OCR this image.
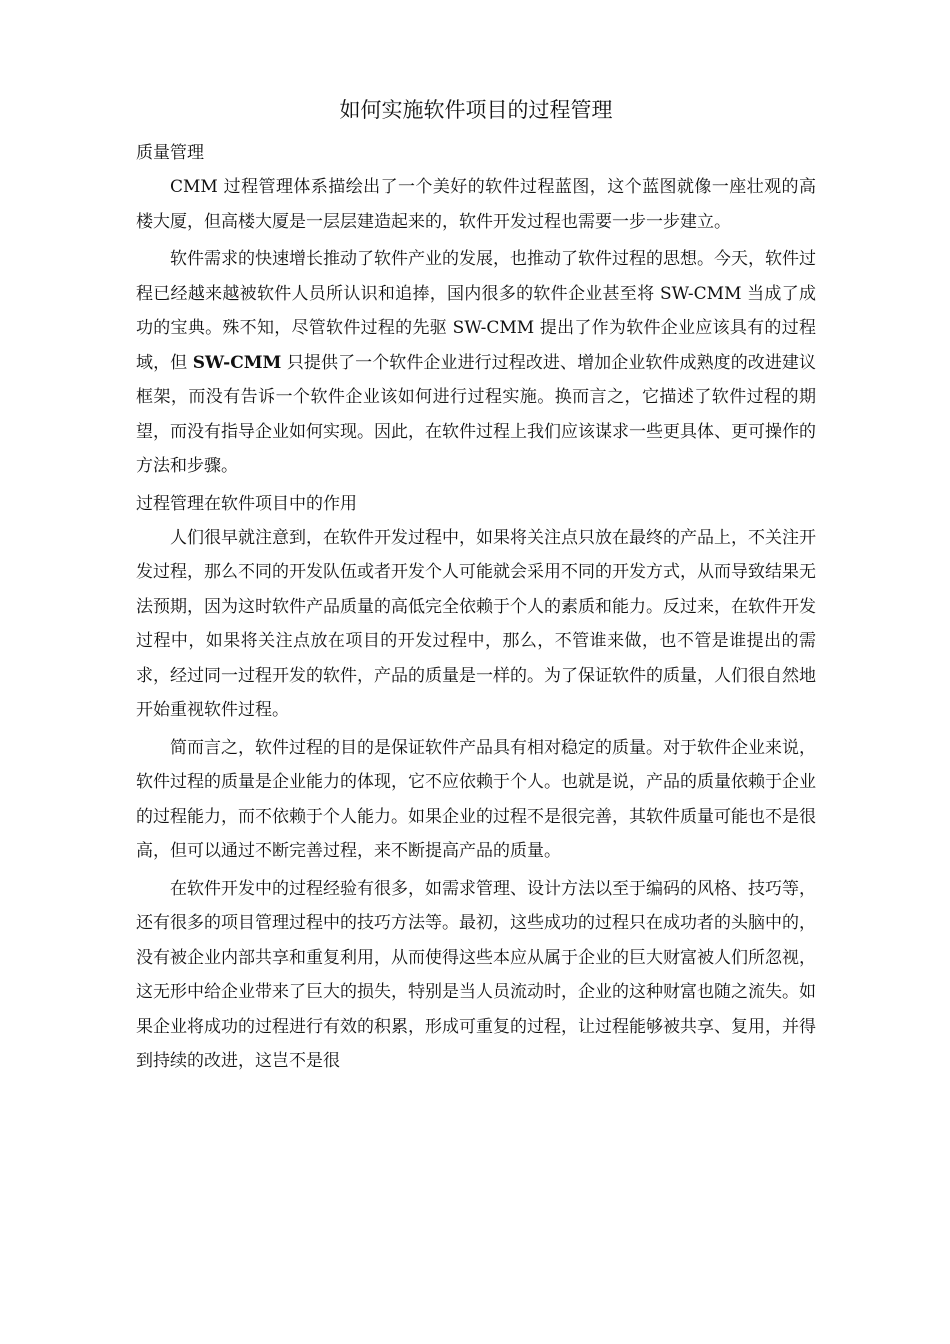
如何实施软件项目的过程管理
质量管理

CMM 过程管理体系描绘出了一个美好的软件过程蓝图，这个蓝图就像一座壮观的高楼大厦，但高楼大厦是一层层建造起来的，软件开发过程也需要一步一步建立。

软件需求的快速增长推动了软件产业的发展，也推动了软件过程的思想。今天，软件过程已经越来越被软件人员所认识和追捧，国内很多的软件企业甚至将 SW-CMM 当成了成功的宝典。殊不知，尽管软件过程的先驱 SW-CMM 提出了作为软件企业应该具有的过程域，但 SW-CMM 只提供了一个软件企业进行过程改进、增加企业软件成熟度的改进建议框架，而没有告诉一个软件企业该如何进行过程实施。换而言之，它描述了软件过程的期望，而没有指导企业如何实现。因此，在软件过程上我们应该谋求一些更具体、更可操作的方法和步骤。

过程管理在软件项目中的作用

人们很早就注意到，在软件开发过程中，如果将关注点只放在最终的产品上，不关注开发过程，那么不同的开发队伍或者开发个人可能就会采用不同的开发方式，从而导致结果无法预期，因为这时软件产品质量的高低完全依赖于个人的素质和能力。反过来，在软件开发过程中，如果将关注点放在项目的开发过程中，那么，不管谁来做，也不管是谁提出的需求，经过同一过程开发的软件，产品的质量是一样的。为了保证软件的质量，人们很自然地开始重视软件过程。

简而言之，软件过程的目的是保证软件产品具有相对稳定的质量。对于软件企业来说，软件过程的质量是企业能力的体现，它不应依赖于个人。也就是说，产品的质量依赖于企业的过程能力，而不依赖于个人能力。如果企业的过程不是很完善，其软件质量可能也不是很高，但可以通过不断完善过程，来不断提高产品的质量。

在软件开发中的过程经验有很多，如需求管理、设计方法以至于编码的风格、技巧等，还有很多的项目管理过程中的技巧方法等。最初，这些成功的过程只在成功者的头脑中的，没有被企业内部共享和重复利用，从而使得这些本应从属于企业的巨大财富被人们所忽视，这无形中给企业带来了巨大的损失，特别是当人员流动时，企业的这种财富也随之流失。如果企业将成功的过程进行有效的积累，形成可重复的过程，让过程能够被共享、复用，并得到持续的改进，这岂不是很
